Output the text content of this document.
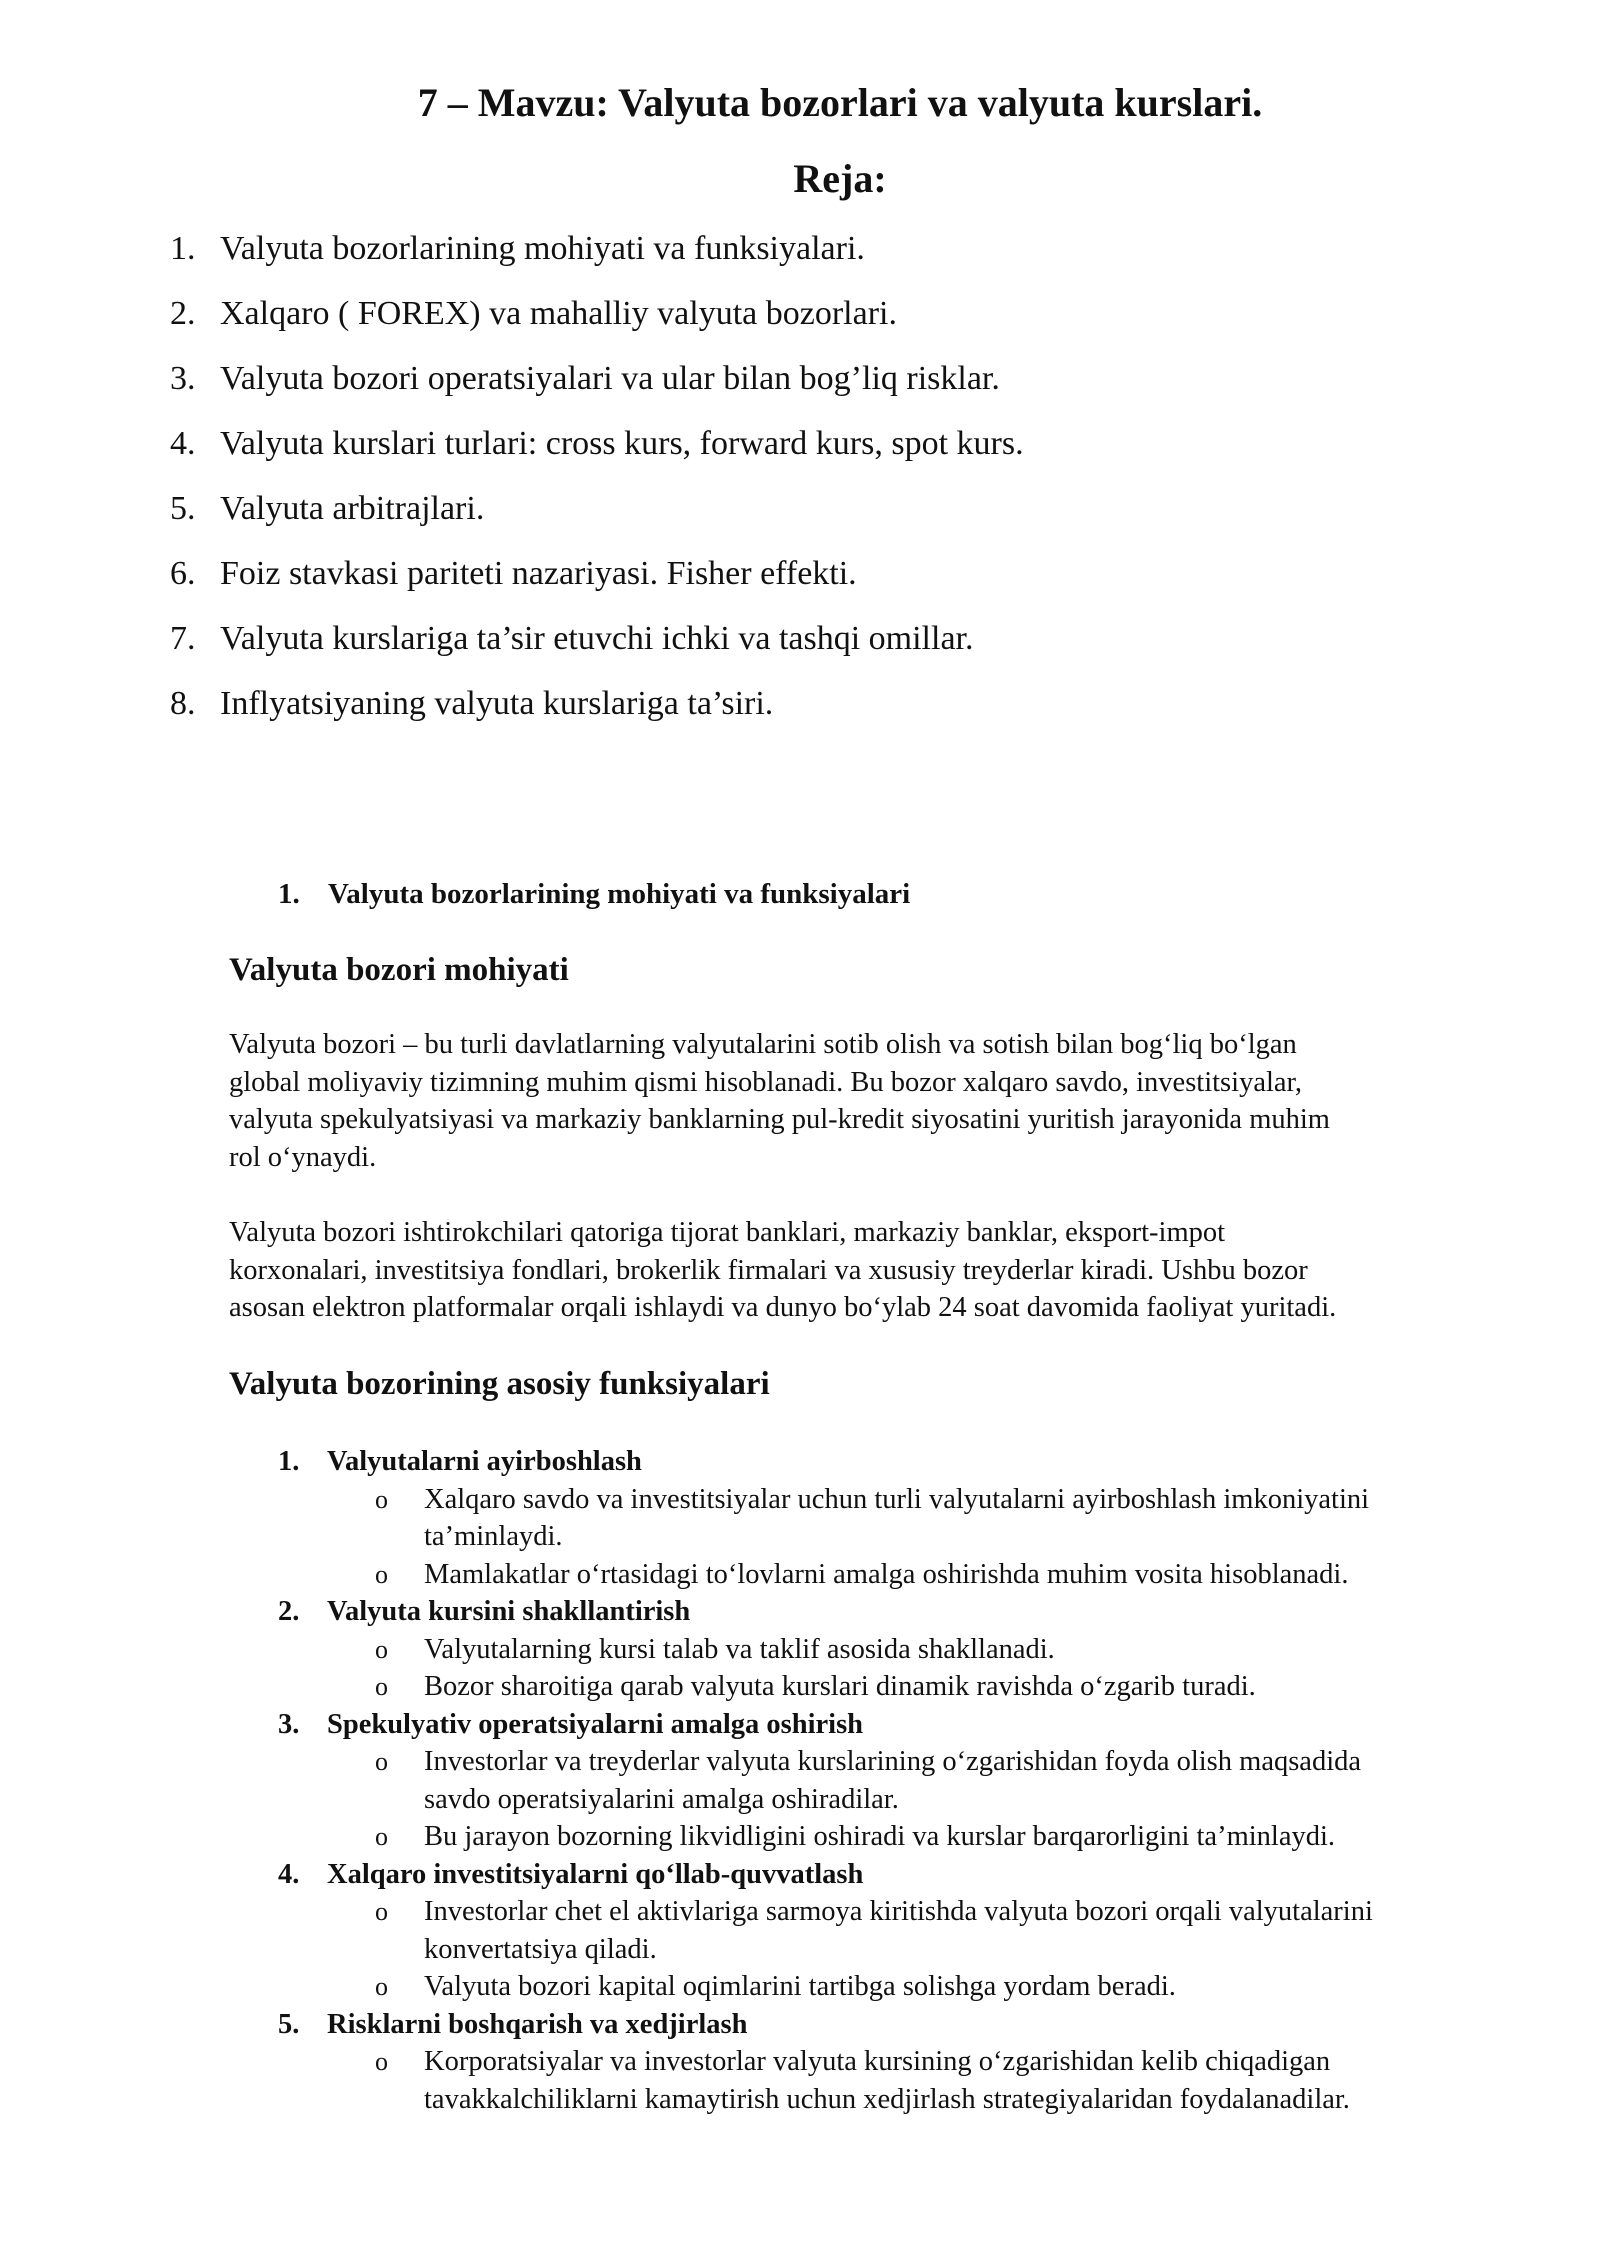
7 – Mavzu: Valyuta bozorlari va valyuta kurslari.
Reja:
1. Valyuta bozorlarining mohiyati va funksiyalari.
2. Xalqaro ( FOREX) va mahalliy valyuta bozorlari.
3. Valyuta bozori operatsiyalari va ular bilan bog’liq risklar.
4. Valyuta kurslari turlari: cross kurs, forward kurs, spot kurs.
5. Valyuta arbitrajlari.
6. Foiz stavkasi pariteti nazariyasi. Fisher effekti.
7. Valyuta kurslariga ta’sir etuvchi ichki va tashqi omillar.
8. Inflyatsiyaning valyuta kurslariga ta’siri.
1. Valyuta bozorlarining mohiyati va funksiyalari
Valyuta bozori mohiyati

Valyuta bozori – bu turli davlatlarning valyutalarini sotib olish va sotish bilan bog‘liq bo‘lgan
global moliyaviy tizimning muhim qismi hisoblanadi. Bu bozor xalqaro savdo, investitsiyalar,
valyuta spekulyatsiyasi va markaziy banklarning pul-kredit siyosatini yuritish jarayonida muhim
rol o‘ynaydi.

Valyuta bozori ishtirokchilari qatoriga tijorat banklari, markaziy banklar, eksport-impot
korxonalari, investitsiya fondlari, brokerlik firmalari va xususiy treyderlar kiradi. Ushbu bozor
asosan elektron platformalar orqali ishlaydi va dunyo bo‘ylab 24 soat davomida faoliyat yuritadi.

Valyuta bozorining asosiy funksiyalari
1. Valyutalarni ayirboshlash
o Xalqaro savdo va investitsiyalar uchun turli valyutalarni ayirboshlash imkoniyatini
ta’minlaydi.
o Mamlakatlar o‘rtasidagi to‘lovlarni amalga oshirishda muhim vosita hisoblanadi.
2. Valyuta kursini shakllantirish
o Valyutalarning kursi talab va taklif asosida shakllanadi.
o Bozor sharoitiga qarab valyuta kurslari dinamik ravishda o‘zgarib turadi.
3. Spekulyativ operatsiyalarni amalga oshirish
o Investorlar va treyderlar valyuta kurslarining o‘zgarishidan foyda olish maqsadida
savdo operatsiyalarini amalga oshiradilar.
o Bu jarayon bozorning likvidligini oshiradi va kurslar barqarorligini ta’minlaydi.
4. Xalqaro investitsiyalarni qo‘llab-quvvatlash
o Investorlar chet el aktivlariga sarmoya kiritishda valyuta bozori orqali valyutalarini
konvertatsiya qiladi.
o Valyuta bozori kapital oqimlarini tartibga solishga yordam beradi.
5. Risklarni boshqarish va xedjirlash
o Korporatsiyalar va investorlar valyuta kursining o‘zgarishidan kelib chiqadigan
tavakkalchiliklarni kamaytirish uchun xedjirlash strategiyalaridan foydalanadilar.
